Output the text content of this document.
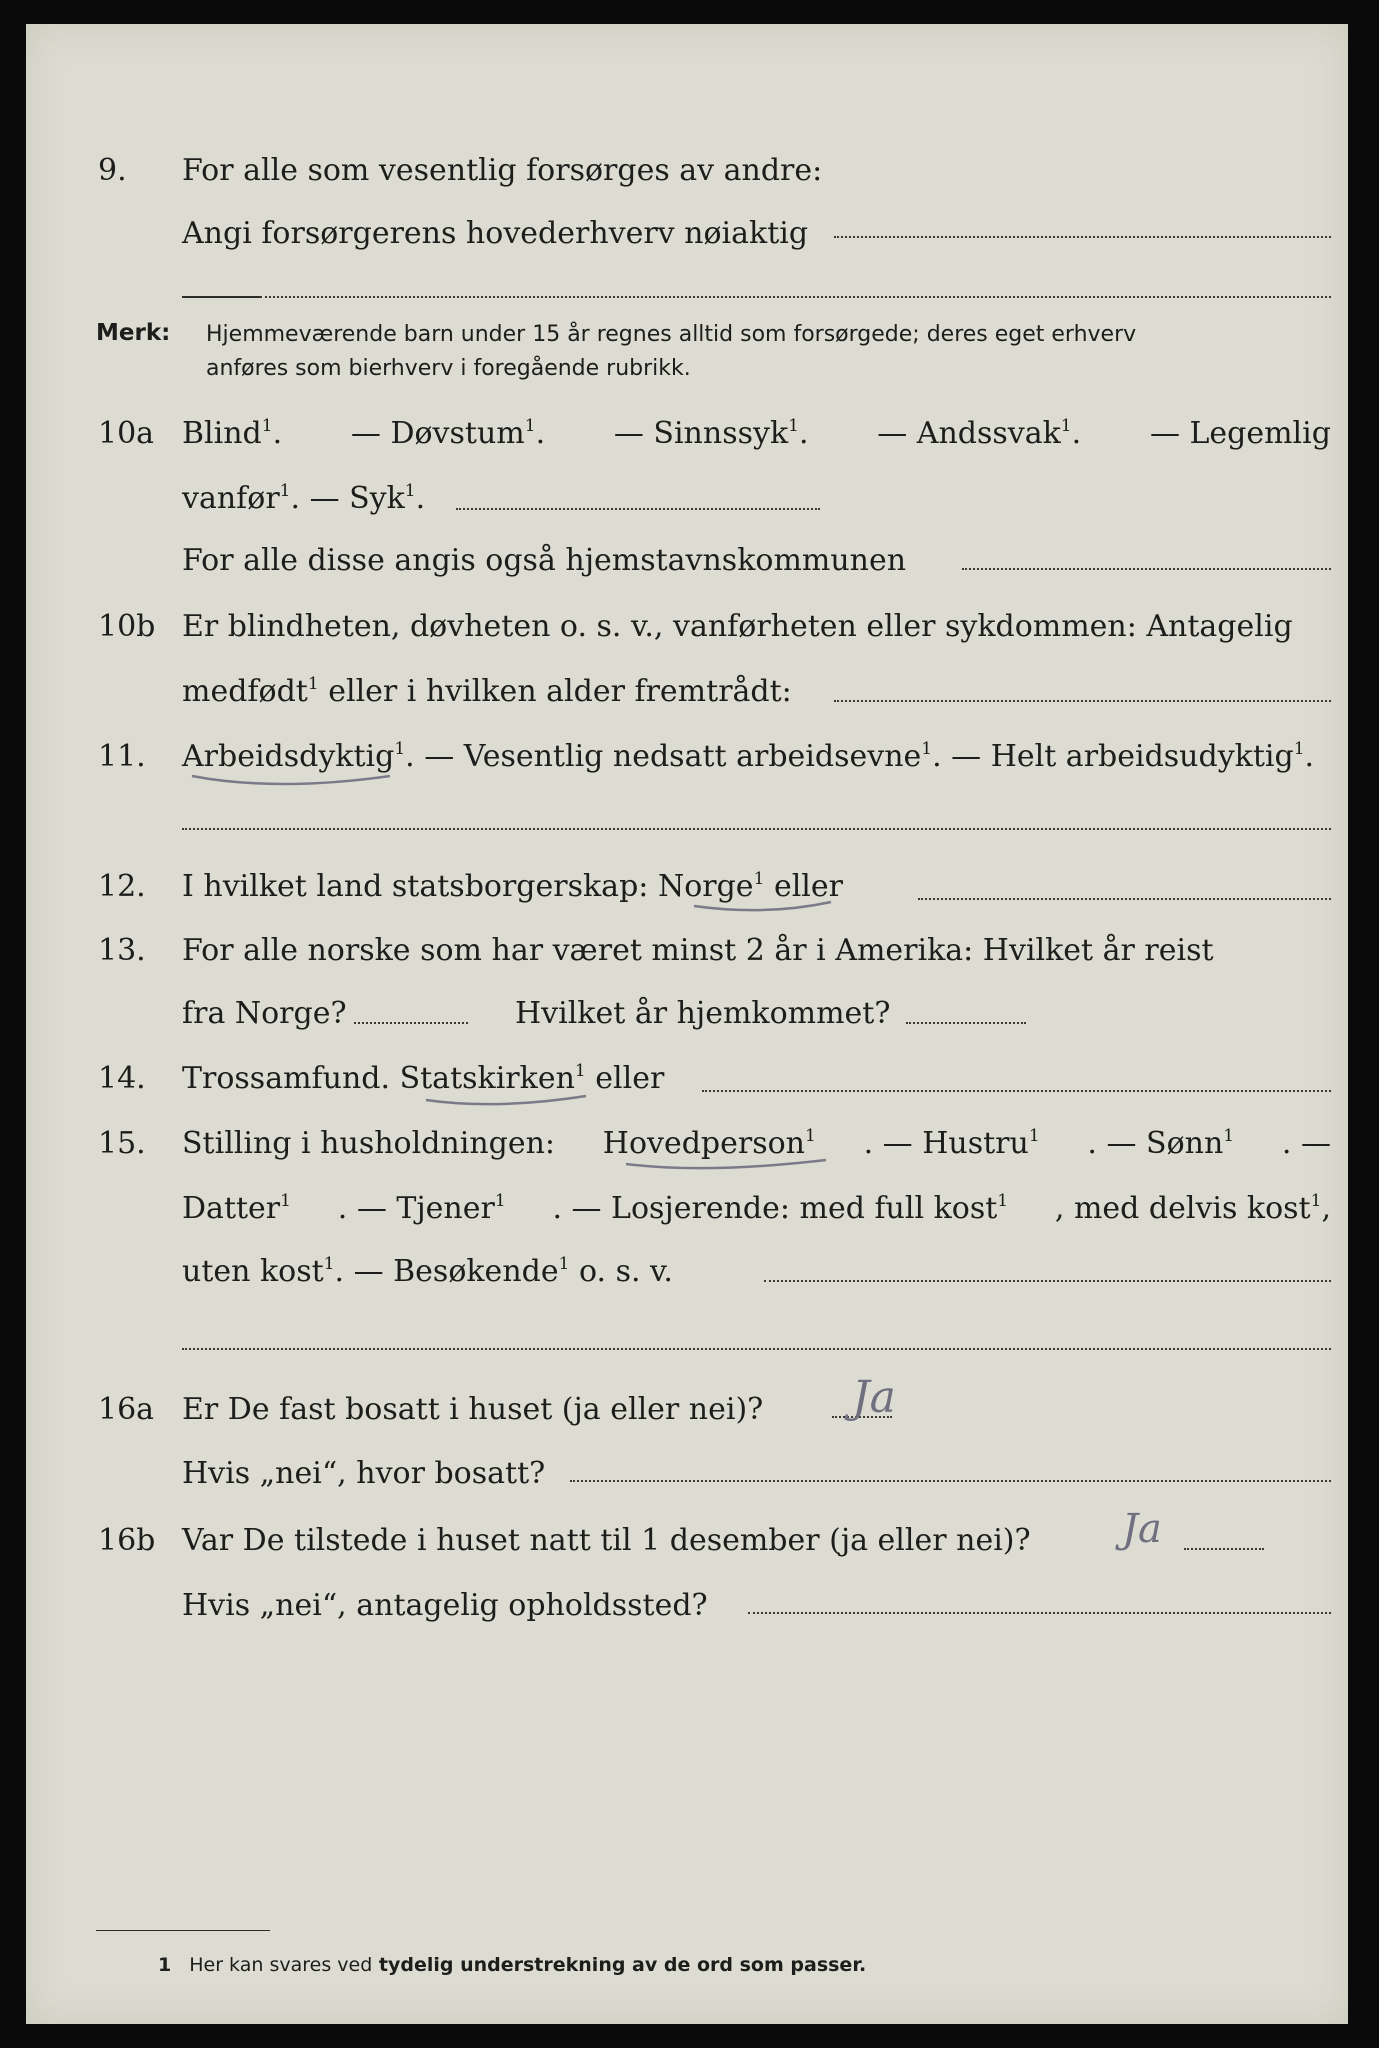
9. For alle som vesentlig forsørges av andre:
Angi forsørgerens hovederhverv nøiaktig
Merk: Hjemmeværende barn under 15 år regnes alltid som forsørgede; deres eget erhverv
anføres som bierhverv i foregående rubrikk.
10a Blind$^1$. — Døvstum$^1$. — Sinnssyk$^1$. — Andssvak$^1$. — Legemlig
vanfør$^1$. — Syk$^1$.
For alle disse angis også hjemstavnskommunen
10b Er blindheten, døvheten o. s. v., vanførheten eller sykdommen: Antagelig
medfødt$^1$ eller i hvilken alder fremtrådt:
11. Arbeidsdyktig$^1$. — Vesentlig nedsatt arbeidsevne$^1$. — Helt arbeidsudyktig$^1$.
12. I hvilket land statsborgerskap: Norge$^1$ eller
13. For alle norske som har været minst 2 år i Amerika: Hvilket år reist
fra Norge?	Hvilket år hjemkommet?
14. Trossamfund. Statskirken$^1$ eller
15. Stilling i husholdningen: Hovedperson$^1$ . — Hustru$^1$ . — Sønn$^1$ . —
Datter$^1$ . — Tjener$^1$ . — Losjerende: med full kost$^1$ , med delvis kost$^1$,
uten kost$^1$. — Besøkende$^1$ o. s. v.
16a Er De fast bosatt i huset (ja eller nei)? Ja
Hvis „nei“, hvor bosatt?
16b Var De tilstede i huset natt til 1 desember (ja eller nei)? Ja
Hvis „nei“, antagelig opholdssted?
1 Her kan svares ved tydelig understrekning av de ord som passer.
